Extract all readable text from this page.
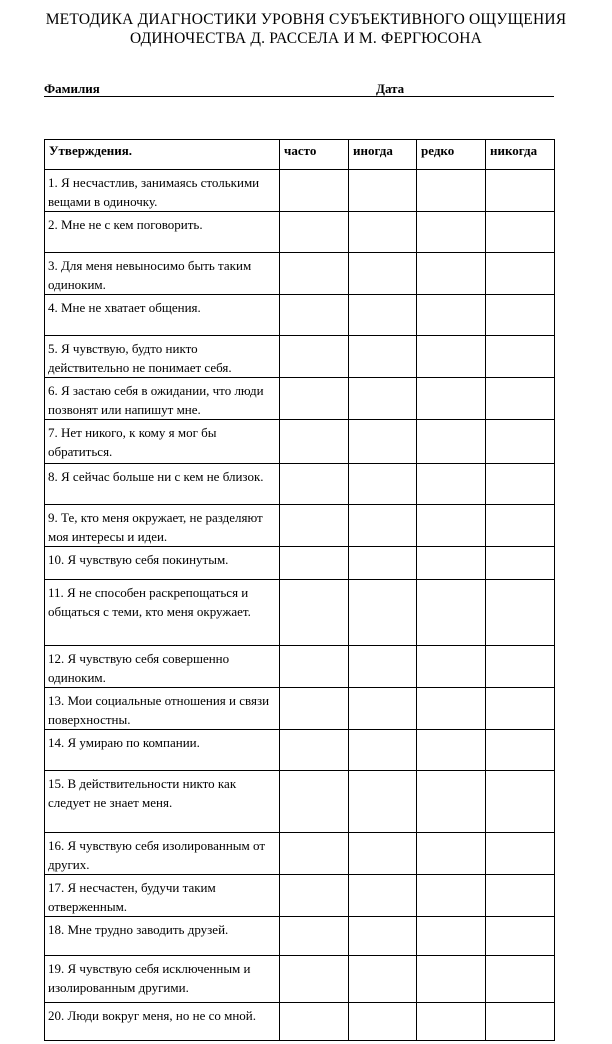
МЕТОДИКА ДИАГНОСТИКИ УРОВНЯ СУБЪЕКТИВНОГО ОЩУЩЕНИЯ
ОДИНОЧЕСТВА Д. РАССЕЛА И М. ФЕРГЮСОНА
Фамилия	Дата
Утверждения.	часто	иногда	редко	никогда
1. Я несчастлив, занимаясь столькими вещами в одиночку.				
2. Мне не с кем поговорить.				
3. Для меня невыносимо быть таким одиноким.				
4. Мне не хватает общения.				
5. Я чувствую, будто никто действительно не понимает себя.				
6. Я застаю себя в ожидании, что люди позвонят или напишут мне.				
7. Нет никого, к кому я мог бы обратиться.				
8. Я сейчас больше ни с кем не близок.				
9. Те, кто меня окружает, не разделяют моя интересы и идеи.				
10. Я чувствую себя покинутым.				
11. Я не способен раскрепощаться и общаться с теми, кто меня окружает.				
12. Я чувствую себя совершенно одиноким.				
13. Мои социальные отношения и связи поверхностны.				
14. Я умираю по компании.				
15. В действительности никто как следует не знает меня.				
16. Я чувствую себя изолированным от других.				
17. Я несчастен, будучи таким отверженным.				
18. Мне трудно заводить друзей.				
19. Я чувствую себя исключенным и изолированным другими.				
20. Люди вокруг меня, но не со мной.				
